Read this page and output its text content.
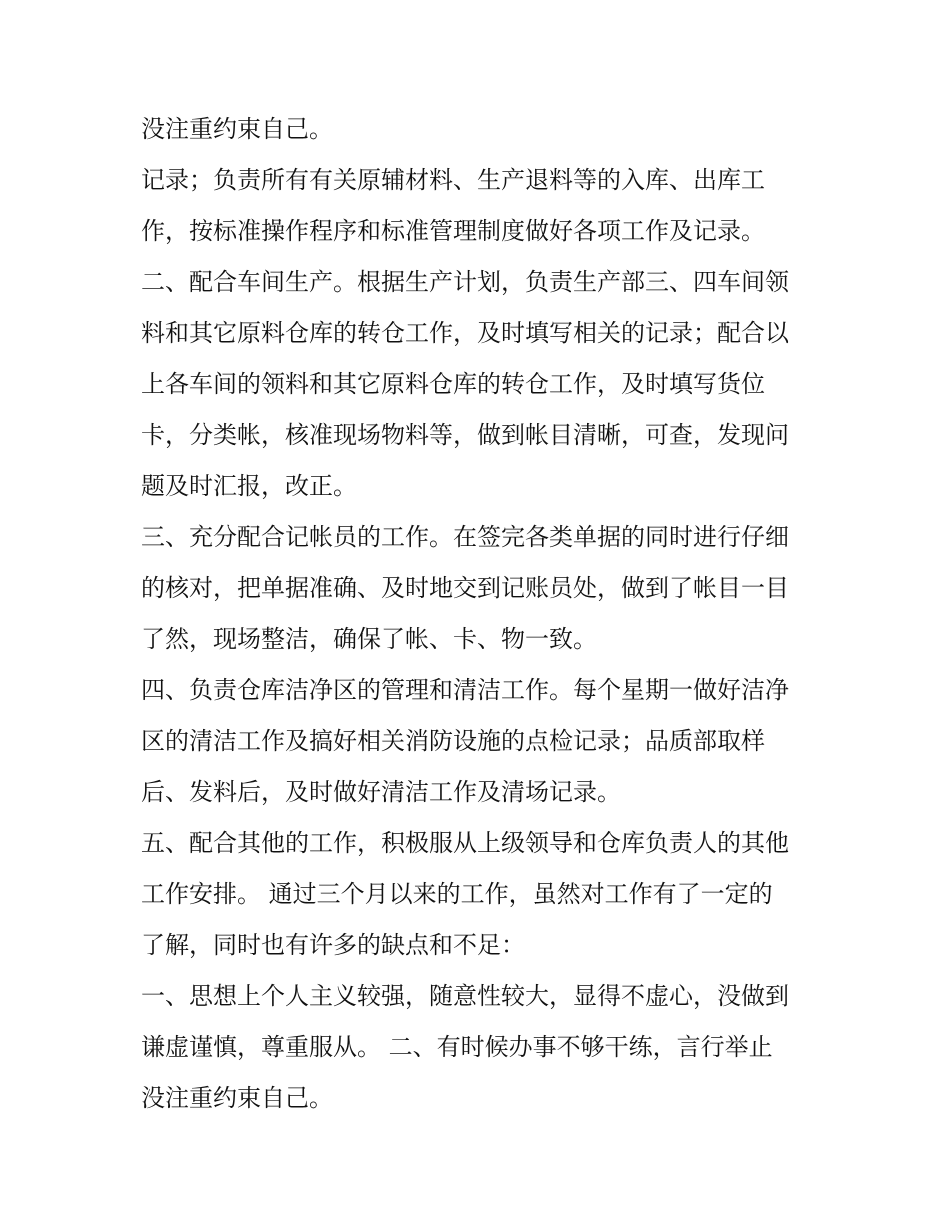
没注重约束自己。
记录；负责所有有关原辅材料、生产退料等的入库、出库工
作，按标准操作程序和标准管理制度做好各项工作及记录。
二、配合车间生产。根据生产计划，负责生产部三、四车间领
料和其它原料仓库的转仓工作，及时填写相关的记录；配合以
上各车间的领料和其它原料仓库的转仓工作，及时填写货位
卡，分类帐，核准现场物料等，做到帐目清晰，可查，发现问
题及时汇报，改正。
三、充分配合记帐员的工作。在签完各类单据的同时进行仔细
的核对，把单据准确、及时地交到记账员处，做到了帐目一目
了然，现场整洁，确保了帐、卡、物一致。
四、负责仓库洁净区的管理和清洁工作。每个星期一做好洁净
区的清洁工作及搞好相关消防设施的点检记录；品质部取样
后、发料后，及时做好清洁工作及清场记录。
五、配合其他的工作，积极服从上级领导和仓库负责人的其他
工作安排。 通过三个月以来的工作，虽然对工作有了一定的
了解，同时也有许多的缺点和不足：
一、思想上个人主义较强，随意性较大，显得不虚心，没做到
谦虚谨慎，尊重服从。 二、有时候办事不够干练，言行举止
没注重约束自己。
